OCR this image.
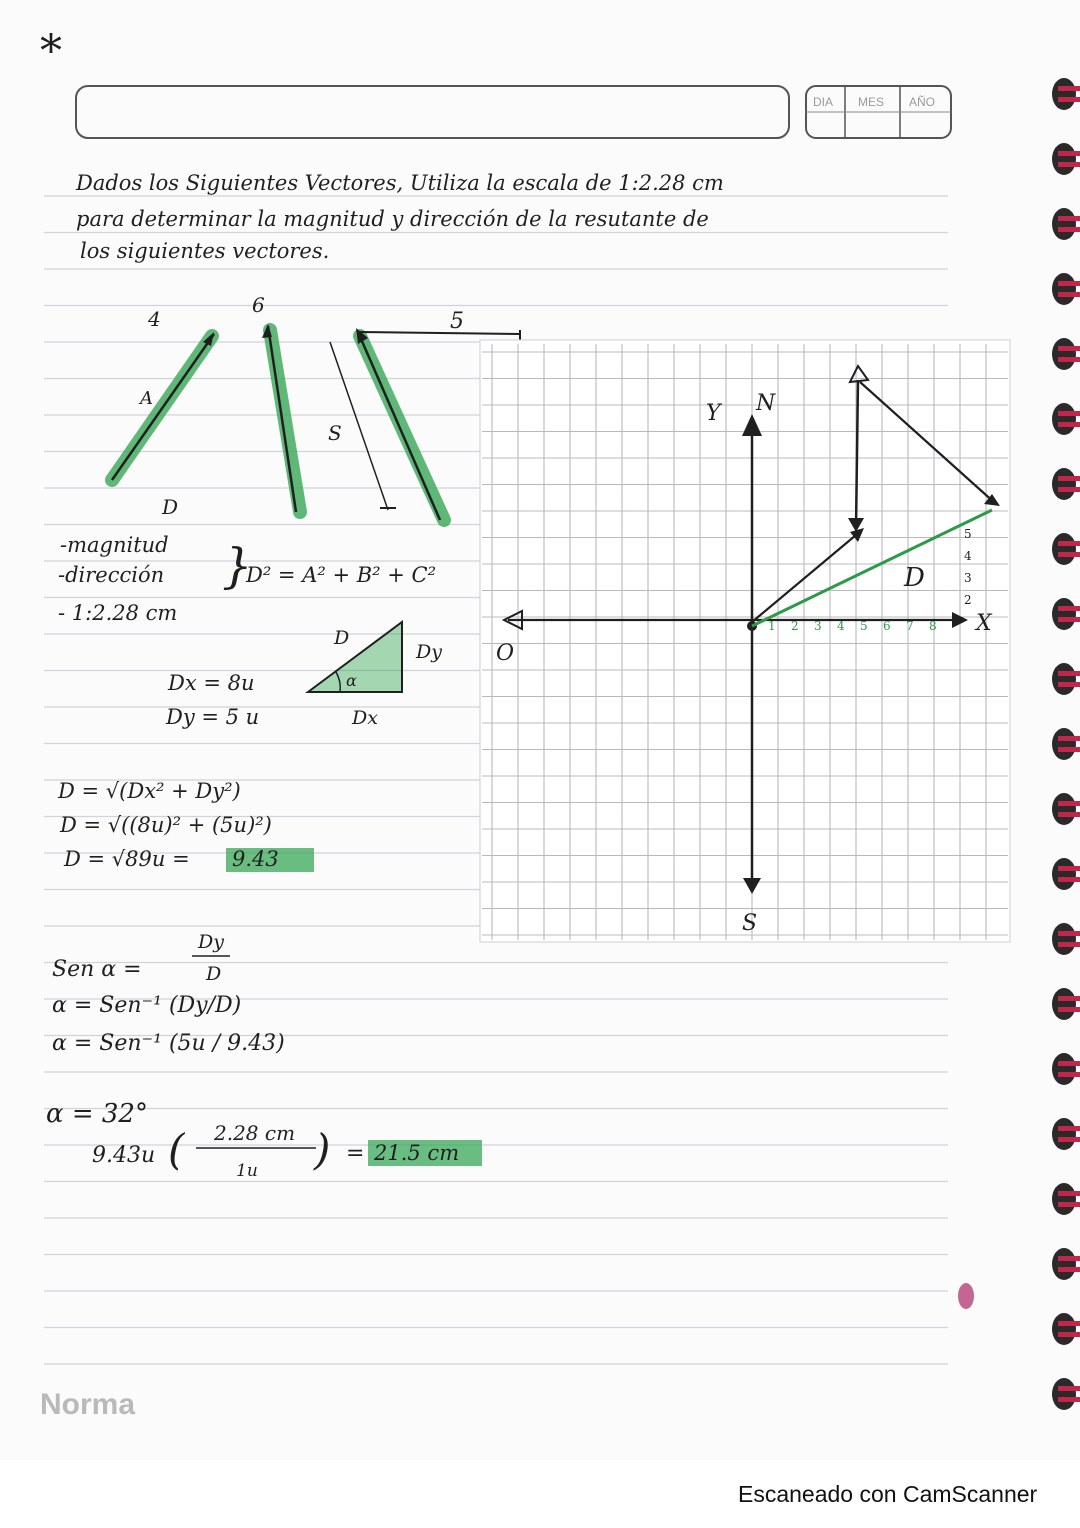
DIA MES AÑO
*
Dados los Siguientes Vectores, Utiliza la escala de 1:2.28 cm
para determinar la magnitud y dirección de la resutante de
los siguientes vectores.
4
6
5
A
D
S
-magnitud
-dirección
- 1:2.28 cm
}
D² = A² + B² + C²
D
Dy
Dx
α
Dx = 8u
Dy = 5 u
D = √(Dx² + Dy²)
D = √((8u)² + (5u)²)
D = √89u = 9.43
Sen α =
Dy
D
α = Sen⁻¹ (Dy/D)
α = Sen⁻¹ (5u / 9.43)
α = 32°
9.43u ( 2.28 cm
1u ) = 21.5 cm
Y N
S
O
X
D
1 2 3 4 5 6 7 8
2
3
4
5
Norma
Escaneado con CamScanner
